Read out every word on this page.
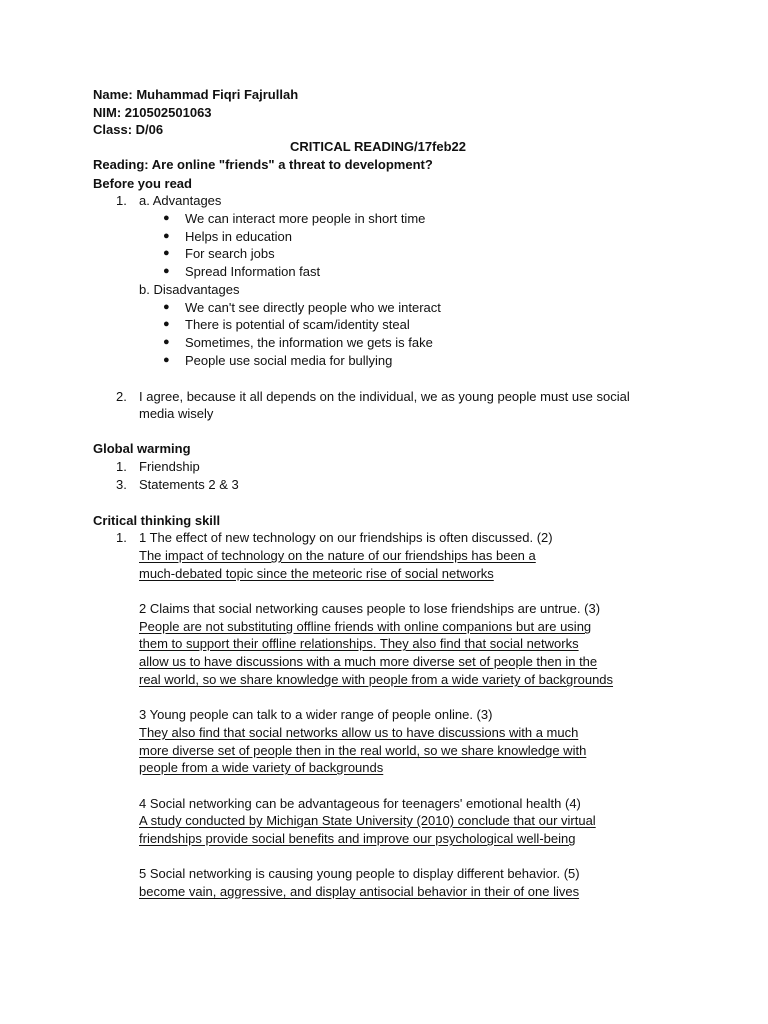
Name: Muhammad Fiqri Fajrullah
NIM: 210502501063
Class: D/06
CRITICAL READING/17feb22
Reading: Are online "friends" a threat to development?
Before you read
1. a. Advantages
● We can interact more people in short time
● Helps in education
● For search jobs
● Spread Information fast
b. Disadvantages
● We can't see directly people who we interact
● There is potential of scam/identity steal
● Sometimes, the information we gets is fake
● People use social media for bullying
2. I agree, because it all depends on the individual, we as young people must use social
media wisely
Global warming
1. Friendship
3. Statements 2 & 3
Critical thinking skill
1. 1 The effect of new technology on our friendships is often discussed. (2)
The impact of technology on the nature of our friendships has been a
much-debated topic since the meteoric rise of social networks
2 Claims that social networking causes people to lose friendships are untrue. (3)
People are not substituting offline friends with online companions but are using
them to support their offline relationships. They also find that social networks
allow us to have discussions with a much more diverse set of people then in the
real world, so we share knowledge with people from a wide variety of backgrounds
3 Young people can talk to a wider range of people online. (3)
They also find that social networks allow us to have discussions with a much
more diverse set of people then in the real world, so we share knowledge with
people from a wide variety of backgrounds
4 Social networking can be advantageous for teenagers' emotional health (4)
A study conducted by Michigan State University (2010) conclude that our virtual
friendships provide social benefits and improve our psychological well-being
5 Social networking is causing young people to display different behavior. (5)
become vain, aggressive, and display antisocial behavior in their of one lives
